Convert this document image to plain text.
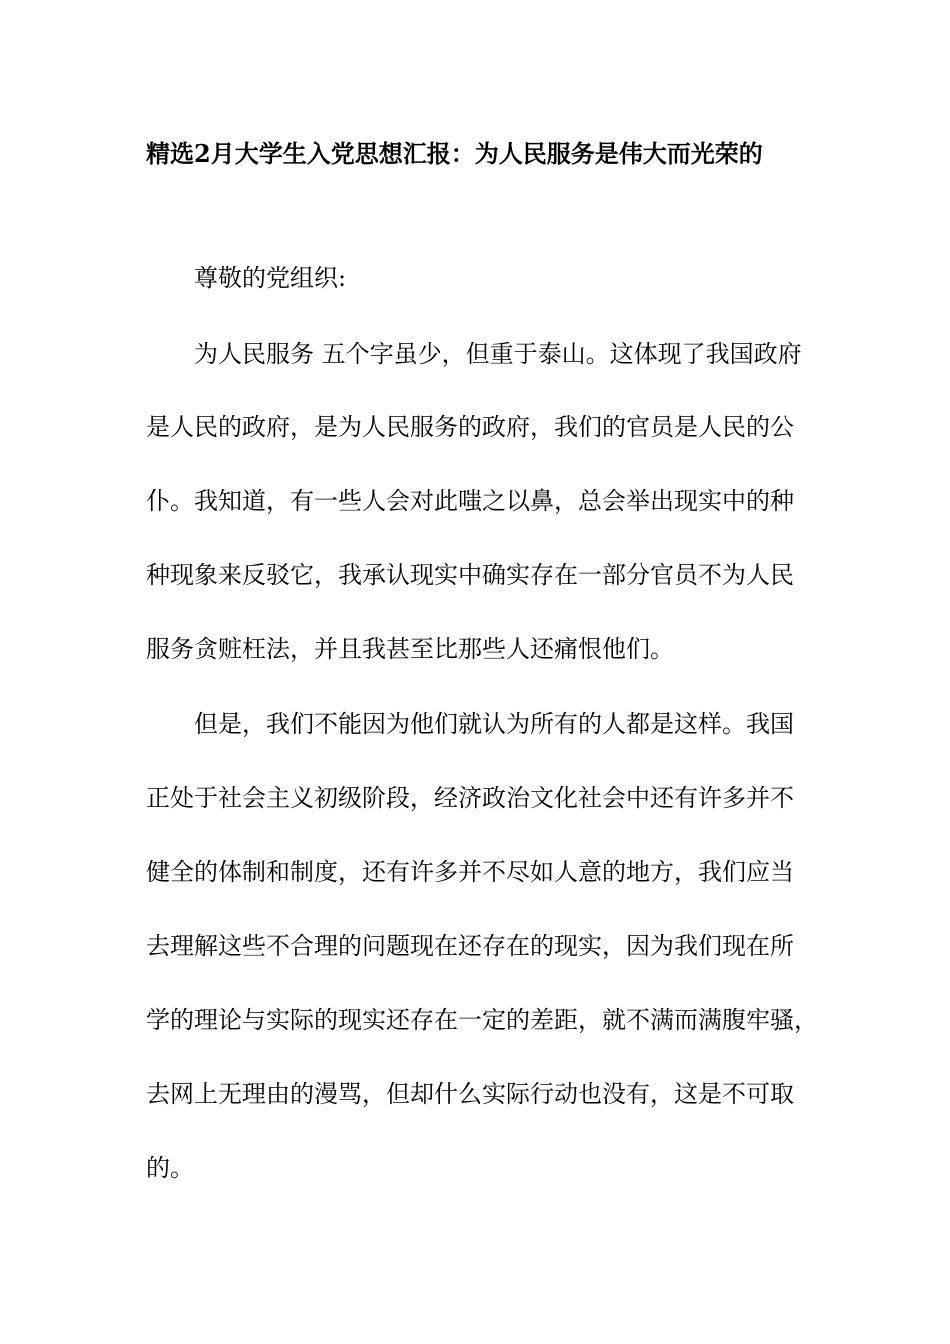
精选2月大学生入党思想汇报：为人民服务是伟大而光荣的
尊敬的党组织:
为人民服务 五个字虽少，但重于泰山。这体现了我国政府
是人民的政府，是为人民服务的政府，我们的官员是人民的公
仆。我知道，有一些人会对此嗤之以鼻，总会举出现实中的种
种现象来反驳它，我承认现实中确实存在一部分官员不为人民
服务贪赃枉法，并且我甚至比那些人还痛恨他们。
但是，我们不能因为他们就认为所有的人都是这样。我国
正处于社会主义初级阶段，经济政治文化社会中还有许多并不
健全的体制和制度，还有许多并不尽如人意的地方，我们应当
去理解这些不合理的问题现在还存在的现实，因为我们现在所
学的理论与实际的现实还存在一定的差距，就不满而满腹牢骚，
去网上无理由的漫骂，但却什么实际行动也没有，这是不可取
的。
